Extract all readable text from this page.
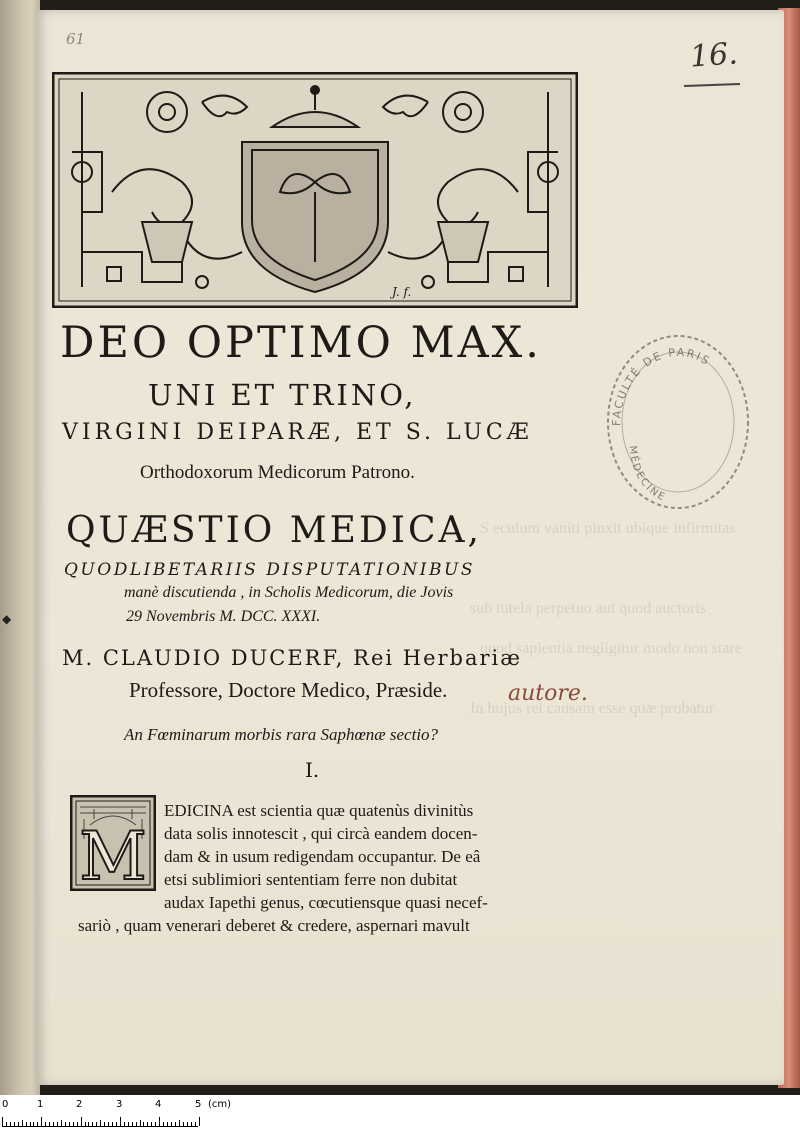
◆
61	16.
S eculum vaniti pinxit ubique infirmitas
sub tutela perpetuo aut quod auctoris
quod sapientia negligitur modo non stare
In hujus rei causam esse quæ probatur
J. f.
FACULTÉ DE PARIS
MÉDECINE
DEO OPTIMO MAX.
UNI ET TRINO,
VIRGINI DEIPARÆ, ET S. LUCÆ
Orthodoxorum Medicorum Patrono.
QUÆSTIO MEDICA,
QUODLIBETARIIS DISPUTATIONIBUS
manè discutienda , in Scholis Medicorum, die Jovis
29 Novembris M. DCC. XXXI.
M. CLAUDIO DUCERF, Rei Herbariæ
Professore, Doctore Medico, Præside.	autore.
An Fœminarum morbis rara Saphœnæ sectio?
I.
M
EDICINA est scientia quæ quatenùs divinitùs
data solis innotescit , qui circà eandem docen-
dam & in usum redigendam occupantur. De eâ
etsi sublimiori sententiam ferre non dubitat
audax Iapethi genus, cœcutiensque quasi necef-
sariò , quam venerari deberet & credere, aspernari mavult
0	1	2	3	4	5 (cm)
